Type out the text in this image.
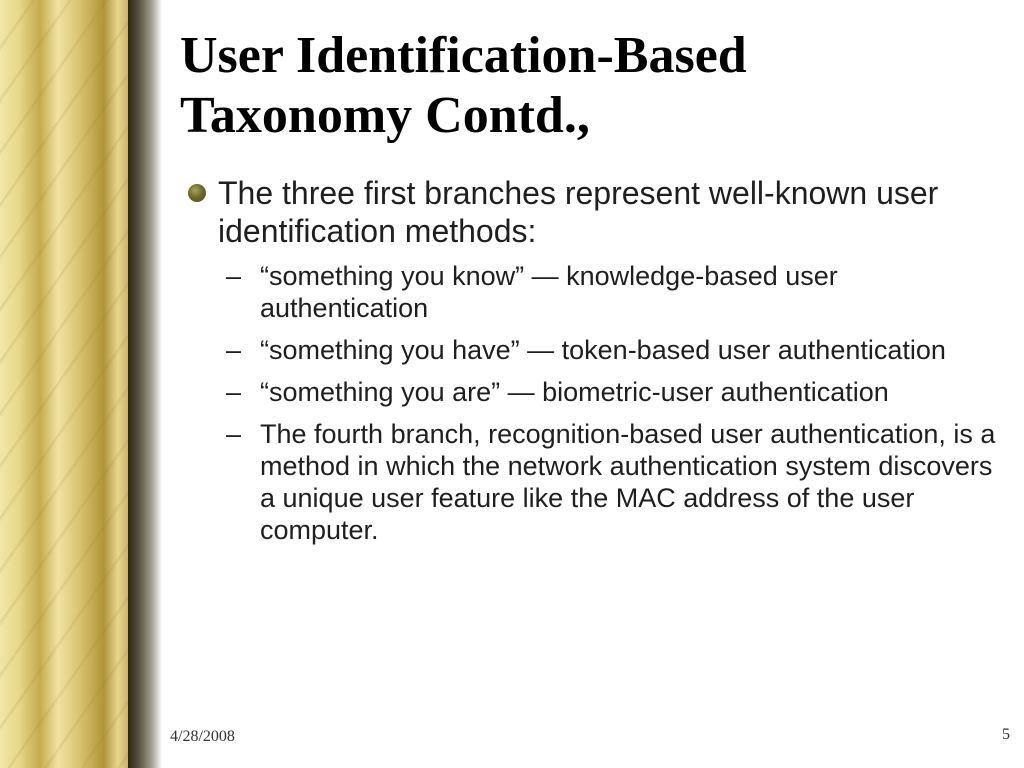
User Identification-Based
Taxonomy Contd.,
The three first branches represent well-known user identification methods:
– “something you know” — knowledge-based user authentication
– “something you have” — token-based user authentication
– “something you are” — biometric-user authentication
– The fourth branch, recognition-based user authentication, is a method in which the network authentication system discovers a unique user feature like the MAC address of the user computer.
4/28/2008	5
